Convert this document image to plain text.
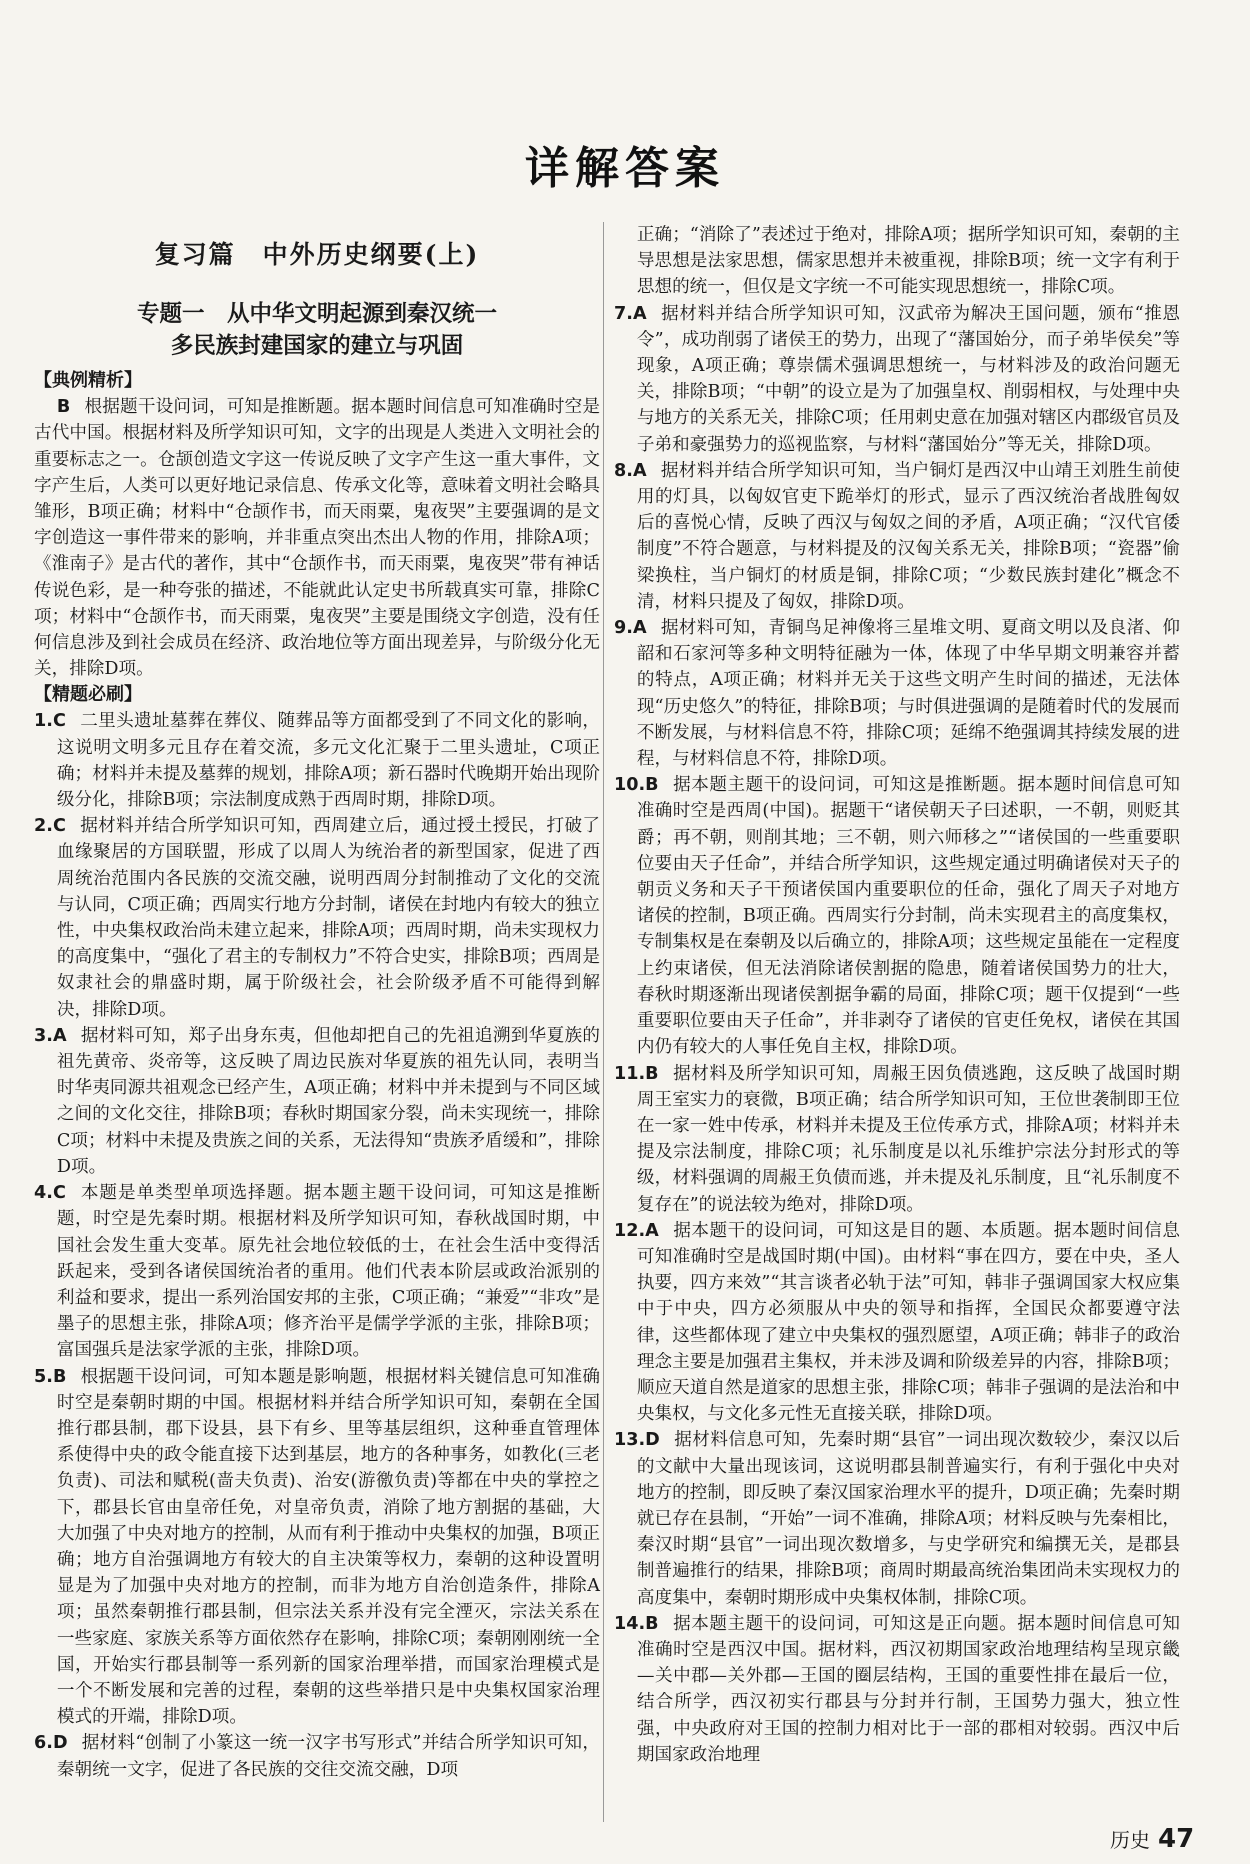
详解答案
复习篇　中外历史纲要(上)
专题一　从中华文明起源到秦汉统一
多民族封建国家的建立与巩固
【典例精析】

B 根据题干设问词，可知是推断题。据本题时间信息可知准确时空是古代中国。根据材料及所学知识可知，文字的出现是人类进入文明社会的重要标志之一。仓颉创造文字这一传说反映了文字产生这一重大事件，文字产生后，人类可以更好地记录信息、传承文化等，意味着文明社会略具雏形，B项正确；材料中“仓颉作书，而天雨粟，鬼夜哭”主要强调的是文字创造这一事件带来的影响，并非重点突出杰出人物的作用，排除A项；《淮南子》是古代的著作，其中“仓颉作书，而天雨粟，鬼夜哭”带有神话传说色彩，是一种夸张的描述，不能就此认定史书所载真实可靠，排除C项；材料中“仓颉作书，而天雨粟，鬼夜哭”主要是围绕文字创造，没有任何信息涉及到社会成员在经济、政治地位等方面出现差异，与阶级分化无关，排除D项。

【精题必刷】

1.C 二里头遗址墓葬在葬仪、随葬品等方面都受到了不同文化的影响，这说明文明多元且存在着交流，多元文化汇聚于二里头遗址，C项正确；材料并未提及墓葬的规划，排除A项；新石器时代晚期开始出现阶级分化，排除B项；宗法制度成熟于西周时期，排除D项。

2.C 据材料并结合所学知识可知，西周建立后，通过授土授民，打破了血缘聚居的方国联盟，形成了以周人为统治者的新型国家，促进了西周统治范围内各民族的交流交融，说明西周分封制推动了文化的交流与认同，C项正确；西周实行地方分封制，诸侯在封地内有较大的独立性，中央集权政治尚未建立起来，排除A项；西周时期，尚未实现权力的高度集中，“强化了君主的专制权力”不符合史实，排除B项；西周是奴隶社会的鼎盛时期，属于阶级社会，社会阶级矛盾不可能得到解决，排除D项。

3.A 据材料可知，郑子出身东夷，但他却把自己的先祖追溯到华夏族的祖先黄帝、炎帝等，这反映了周边民族对华夏族的祖先认同，表明当时华夷同源共祖观念已经产生，A项正确；材料中并未提到与不同区域之间的文化交往，排除B项；春秋时期国家分裂，尚未实现统一，排除C项；材料中未提及贵族之间的关系，无法得知“贵族矛盾缓和”，排除D项。

4.C 本题是单类型单项选择题。据本题主题干设问词，可知这是推断题，时空是先秦时期。根据材料及所学知识可知，春秋战国时期，中国社会发生重大变革。原先社会地位较低的士，在社会生活中变得活跃起来，受到各诸侯国统治者的重用。他们代表本阶层或政治派别的利益和要求，提出一系列治国安邦的主张，C项正确；“兼爱”“非攻”是墨子的思想主张，排除A项；修齐治平是儒学学派的主张，排除B项；富国强兵是法家学派的主张，排除D项。

5.B 根据题干设问词，可知本题是影响题，根据材料关键信息可知准确时空是秦朝时期的中国。根据材料并结合所学知识可知，秦朝在全国推行郡县制，郡下设县，县下有乡、里等基层组织，这种垂直管理体系使得中央的政令能直接下达到基层，地方的各种事务，如教化(三老负责)、司法和赋税(啬夫负责)、治安(游徼负责)等都在中央的掌控之下，郡县长官由皇帝任免，对皇帝负责，消除了地方割据的基础，大大加强了中央对地方的控制，从而有利于推动中央集权的加强，B项正确；地方自治强调地方有较大的自主决策等权力，秦朝的这种设置明显是为了加强中央对地方的控制，而非为地方自治创造条件，排除A项；虽然秦朝推行郡县制，但宗法关系并没有完全湮灭，宗法关系在一些家庭、家族关系等方面依然存在影响，排除C项；秦朝刚刚统一全国，开始实行郡县制等一系列新的国家治理举措，而国家治理模式是一个不断发展和完善的过程，秦朝的这些举措只是中央集权国家治理模式的开端，排除D项。

6.D 据材料“创制了小篆这一统一汉字书写形式”并结合所学知识可知，秦朝统一文字，促进了各民族的交往交流交融，D项

正确；“消除了”表述过于绝对，排除A项；据所学知识可知，秦朝的主导思想是法家思想，儒家思想并未被重视，排除B项；统一文字有利于思想的统一，但仅是文字统一不可能实现思想统一，排除C项。

7.A 据材料并结合所学知识可知，汉武帝为解决王国问题，颁布“推恩令”，成功削弱了诸侯王的势力，出现了“藩国始分，而子弟毕侯矣”等现象，A项正确；尊崇儒术强调思想统一，与材料涉及的政治问题无关，排除B项；“中朝”的设立是为了加强皇权、削弱相权，与处理中央与地方的关系无关，排除C项；任用刺史意在加强对辖区内郡级官员及子弟和豪强势力的巡视监察，与材料“藩国始分”等无关，排除D项。

8.A 据材料并结合所学知识可知，当户铜灯是西汉中山靖王刘胜生前使用的灯具，以匈奴官吏下跪举灯的形式，显示了西汉统治者战胜匈奴后的喜悦心情，反映了西汉与匈奴之间的矛盾，A项正确；“汉代官倭制度”不符合题意，与材料提及的汉匈关系无关，排除B项；“瓷器”偷梁换柱，当户铜灯的材质是铜，排除C项；“少数民族封建化”概念不清，材料只提及了匈奴，排除D项。

9.A 据材料可知，青铜鸟足神像将三星堆文明、夏商文明以及良渚、仰韶和石家河等多种文明特征融为一体，体现了中华早期文明兼容并蓄的特点，A项正确；材料并无关于这些文明产生时间的描述，无法体现“历史悠久”的特征，排除B项；与时俱进强调的是随着时代的发展而不断发展，与材料信息不符，排除C项；延绵不绝强调其持续发展的进程，与材料信息不符，排除D项。

10.B 据本题主题干的设问词，可知这是推断题。据本题时间信息可知准确时空是西周(中国)。据题干“诸侯朝天子曰述职，一不朝，则贬其爵；再不朝，则削其地；三不朝，则六师移之”“诸侯国的一些重要职位要由天子任命”，并结合所学知识，这些规定通过明确诸侯对天子的朝贡义务和天子干预诸侯国内重要职位的任命，强化了周天子对地方诸侯的控制，B项正确。西周实行分封制，尚未实现君主的高度集权，专制集权是在秦朝及以后确立的，排除A项；这些规定虽能在一定程度上约束诸侯，但无法消除诸侯割据的隐患，随着诸侯国势力的壮大，春秋时期逐渐出现诸侯割据争霸的局面，排除C项；题干仅提到“一些重要职位要由天子任命”，并非剥夺了诸侯的官吏任免权，诸侯在其国内仍有较大的人事任免自主权，排除D项。

11.B 据材料及所学知识可知，周赧王因负债逃跑，这反映了战国时期周王室实力的衰微，B项正确；结合所学知识可知，王位世袭制即王位在一家一姓中传承，材料并未提及王位传承方式，排除A项；材料并未提及宗法制度，排除C项；礼乐制度是以礼乐维护宗法分封形式的等级，材料强调的周赧王负债而逃，并未提及礼乐制度，且“礼乐制度不复存在”的说法较为绝对，排除D项。

12.A 据本题干的设问词，可知这是目的题、本质题。据本题时间信息可知准确时空是战国时期(中国)。由材料“事在四方，要在中央，圣人执要，四方来效”“其言谈者必轨于法”可知，韩非子强调国家大权应集中于中央，四方必须服从中央的领导和指挥，全国民众都要遵守法律，这些都体现了建立中央集权的强烈愿望，A项正确；韩非子的政治理念主要是加强君主集权，并未涉及调和阶级差异的内容，排除B项；顺应天道自然是道家的思想主张，排除C项；韩非子强调的是法治和中央集权，与文化多元性无直接关联，排除D项。

13.D 据材料信息可知，先秦时期“县官”一词出现次数较少，秦汉以后的文献中大量出现该词，这说明郡县制普遍实行，有利于强化中央对地方的控制，即反映了秦汉国家治理水平的提升，D项正确；先秦时期就已存在县制，“开始”一词不准确，排除A项；材料反映与先秦相比，秦汉时期“县官”一词出现次数增多，与史学研究和编撰无关，是郡县制普遍推行的结果，排除B项；商周时期最高统治集团尚未实现权力的高度集中，秦朝时期形成中央集权体制，排除C项。

14.B 据本题主题干的设问词，可知这是正向题。据本题时间信息可知准确时空是西汉中国。据材料，西汉初期国家政治地理结构呈现京畿—关中郡—关外郡—王国的圈层结构，王国的重要性排在最后一位，结合所学，西汉初实行郡县与分封并行制，王国势力强大，独立性强，中央政府对王国的控制力相对比于一部的郡相对较弱。西汉中后期国家政治地理

历史 47
